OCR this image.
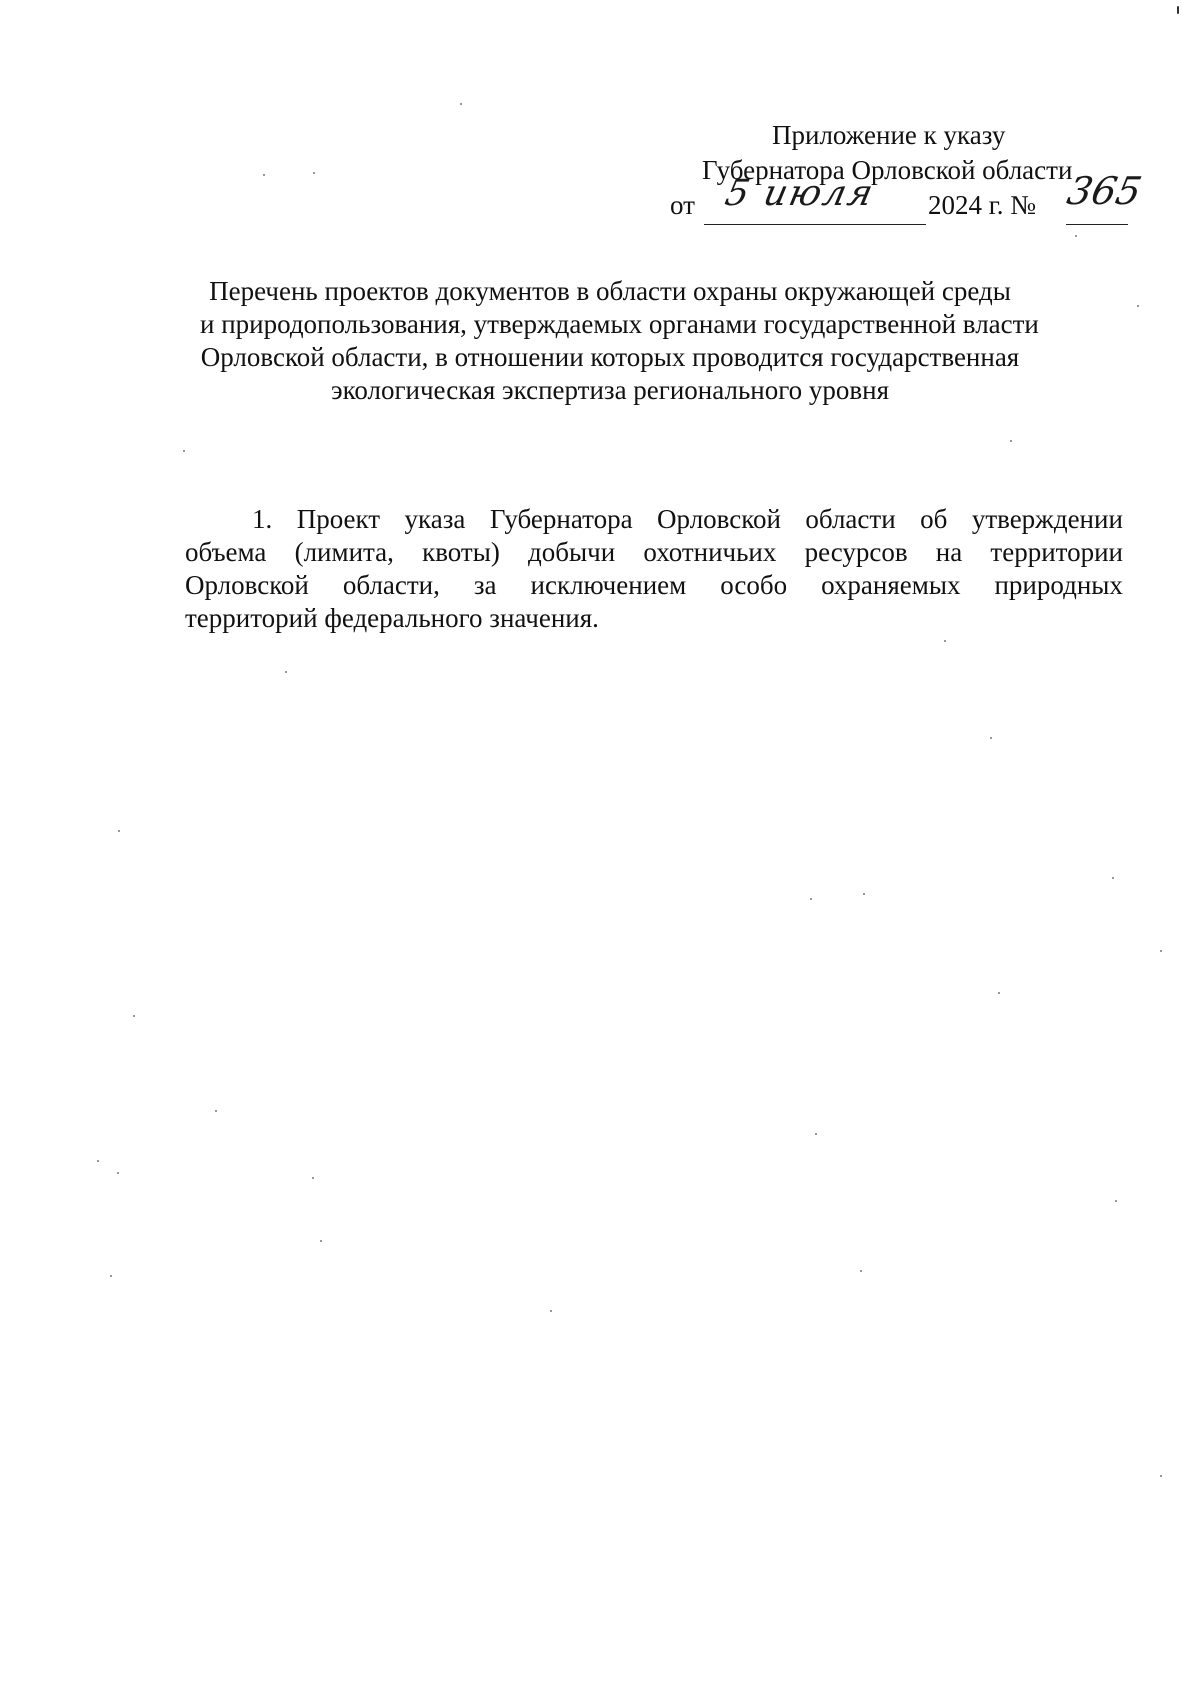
Приложение к указу
Губернатора Орловской области
от 5 июля 2024 г. № 365
Перечень проектов документов в области охраны окружающей среды
и природопользования, утверждаемых органами государственной власти
Орловской области, в отношении которых проводится государственная
экологическая экспертиза регионального уровня
1. Проект указа Губернатора Орловской области об утверждении
объема (лимита, квоты) добычи охотничьих ресурсов на территории
Орловской области, за исключением особо охраняемых природных
территорий федерального значения.
